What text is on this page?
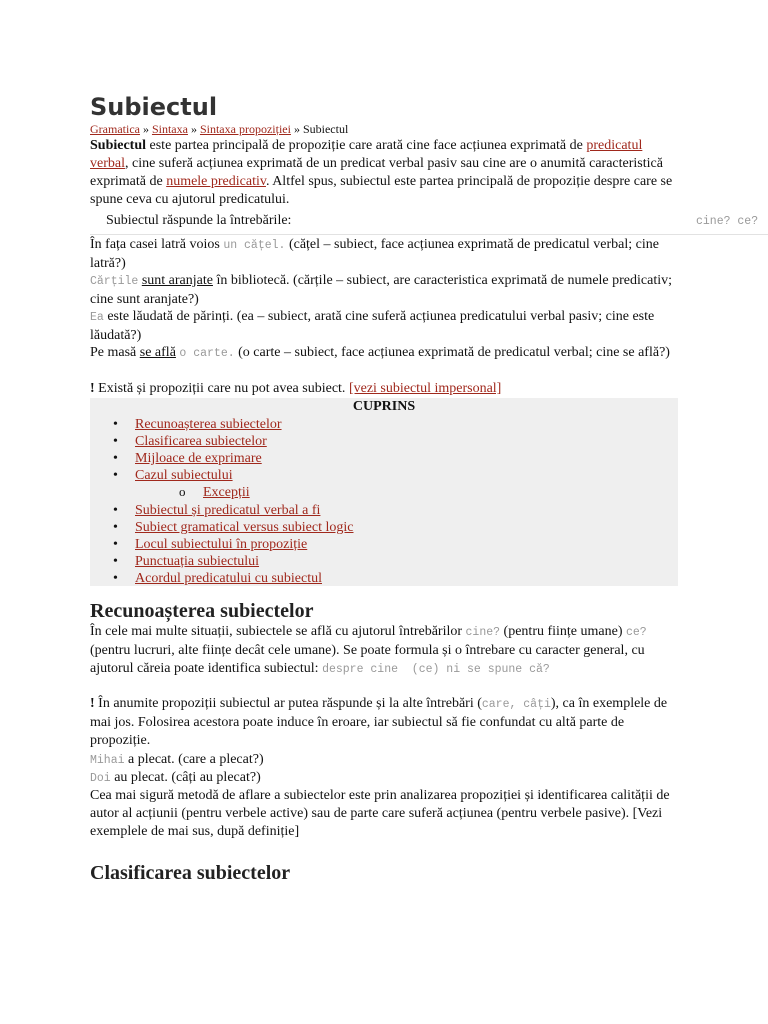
Subiectul
Gramatica » Sintaxa » Sintaxa propoziției » Subiectul
Subiectul este partea principală de propoziție care arată cine face acțiunea exprimată de predicatul verbal, cine suferă acțiunea exprimată de un predicat verbal pasiv sau cine are o anumită caracteristică exprimată de numele predicativ. Altfel spus, subiectul este partea principală de propoziție despre care se spune ceva cu ajutorul predicatului.
Subiectul răspunde la întrebările:	cine? ce?
În fața casei latră voios un cățel. (cățel – subiect, face acțiunea exprimată de predicatul verbal; cine latră?)
Cărțile sunt aranjate în bibliotecă. (cărțile – subiect, are caracteristica exprimată de numele predicativ; cine sunt aranjate?)
Ea este lăudată de părinți. (ea – subiect, arată cine suferă acțiunea predicatului verbal pasiv; cine este lăudată?)
Pe masă se află o carte. (o carte – subiect, face acțiunea exprimată de predicatul verbal; cine se află?)
! Există și propoziții care nu pot avea subiect. [vezi subiectul impersonal]
CUPRINS
• Recunoașterea subiectelor
• Clasificarea subiectelor
• Mijloace de exprimare
• Cazul subiectului
o Excepții
• Subiectul și predicatul verbal a fi
• Subiect gramatical versus subiect logic
• Locul subiectului în propoziție
• Punctuația subiectului
• Acordul predicatului cu subiectul
Recunoașterea subiectelor
În cele mai multe situații, subiectele se află cu ajutorul întrebărilor cine? (pentru ființe umane) ce? (pentru lucruri, alte ființe decât cele umane). Se poate formula și o întrebare cu caracter general, cu ajutorul căreia poate identifica subiectul: despre cine  (ce) ni se spune că?
! În anumite propoziții subiectul ar putea răspunde și la alte întrebări (care, câți), ca în exemplele de mai jos. Folosirea acestora poate induce în eroare, iar subiectul să fie confundat cu altă parte de propoziție.
Mihai a plecat. (care a plecat?)
Doi au plecat. (câți au plecat?)
Cea mai sigură metodă de aflare a subiectelor este prin analizarea propoziției și identificarea calității de autor al acțiunii (pentru verbele active) sau de parte care suferă acțiunea (pentru verbele pasive). [Vezi exemplele de mai sus, după definiție]
Clasificarea subiectelor
